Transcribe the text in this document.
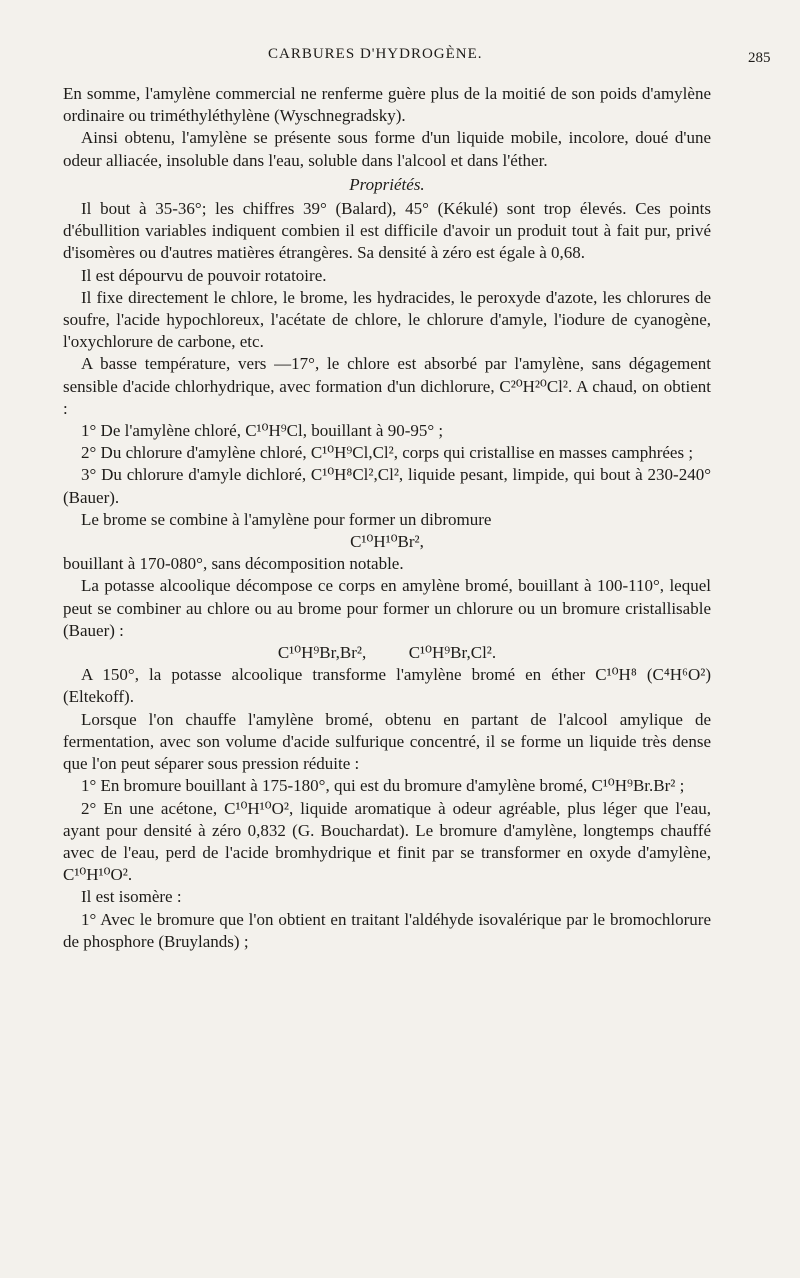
CARBURES D'HYDROGÈNE.	285

En somme, l'amylène commercial ne renferme guère plus de la moitié de son poids d'amylène ordinaire ou triméthyléthylène (Wyschnegradsky).

Ainsi obtenu, l'amylène se présente sous forme d'un liquide mobile, incolore, doué d'une odeur alliacée, insoluble dans l'eau, soluble dans l'alcool et dans l'éther.

Propriétés.

Il bout à 35-36°; les chiffres 39° (Balard), 45° (Kékulé) sont trop élevés. Ces points d'ébullition variables indiquent combien il est difficile d'avoir un produit tout à fait pur, privé d'isomères ou d'autres matières étrangères. Sa densité à zéro est égale à 0,68.

Il est dépourvu de pouvoir rotatoire.

Il fixe directement le chlore, le brome, les hydracides, le peroxyde d'azote, les chlorures de soufre, l'acide hypochloreux, l'acétate de chlore, le chlorure d'amyle, l'iodure de cyanogène, l'oxychlorure de carbone, etc.

A basse température, vers —17°, le chlore est absorbé par l'amylène, sans dégagement sensible d'acide chlorhydrique, avec formation d'un dichlorure, C²⁰H²⁰Cl². A chaud, on obtient :

1° De l'amylène chloré, C¹⁰H⁹Cl, bouillant à 90-95° ;

2° Du chlorure d'amylène chloré, C¹⁰H⁹Cl,Cl², corps qui cristallise en masses camphrées ;

3° Du chlorure d'amyle dichloré, C¹⁰H⁸Cl²,Cl², liquide pesant, limpide, qui bout à 230-240° (Bauer).

Le brome se combine à l'amylène pour former un dibromure

C¹⁰H¹⁰Br²,

bouillant à 170-080°, sans décomposition notable.

La potasse alcoolique décompose ce corps en amylène bromé, bouillant à 100-110°, lequel peut se combiner au chlore ou au brome pour former un chlorure ou un bromure cristallisable (Bauer) :

C¹⁰H⁹Br,Br²,          C¹⁰H⁹Br,Cl².

A 150°, la potasse alcoolique transforme l'amylène bromé en éther C¹⁰H⁸ (C⁴H⁶O²) (Eltekoff).

Lorsque l'on chauffe l'amylène bromé, obtenu en partant de l'alcool amylique de fermentation, avec son volume d'acide sulfurique concentré, il se forme un liquide très dense que l'on peut séparer sous pression réduite :

1° En bromure bouillant à 175-180°, qui est du bromure d'amylène bromé, C¹⁰H⁹Br.Br² ;

2° En une acétone, C¹⁰H¹⁰O², liquide aromatique à odeur agréable, plus léger que l'eau, ayant pour densité à zéro 0,832 (G. Bouchardat). Le bromure d'amylène, longtemps chauffé avec de l'eau, perd de l'acide bromhydrique et finit par se transformer en oxyde d'amylène, C¹⁰H¹⁰O².

Il est isomère :

1° Avec le bromure que l'on obtient en traitant l'aldéhyde isovalérique par le bromochlorure de phosphore (Bruylands) ;
